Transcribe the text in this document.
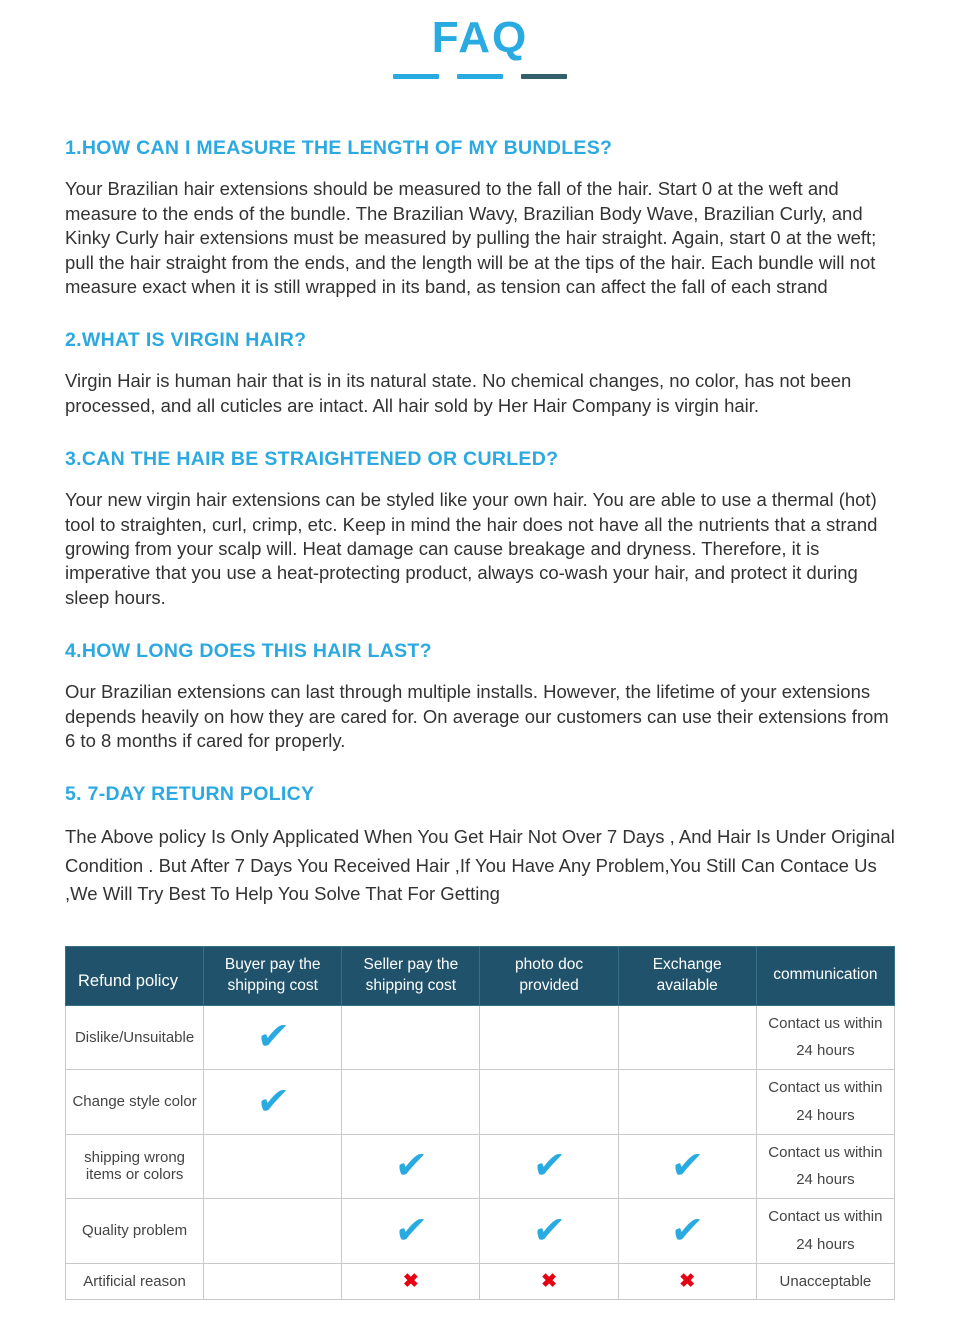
FAQ
1.HOW CAN I MEASURE THE LENGTH OF MY BUNDLES?

Your Brazilian hair extensions should be measured to the fall of the hair. Start 0 at the weft and measure to the ends of the bundle. The Brazilian Wavy, Brazilian Body Wave, Brazilian Curly, and Kinky Curly hair extensions must be measured by pulling the hair straight. Again, start 0 at the weft; pull the hair straight from the ends, and the length will be at the tips of the hair. Each bundle will not measure exact when it is still wrapped in its band, as tension can affect the fall of each strand

2.WHAT IS VIRGIN HAIR?

Virgin Hair is human hair that is in its natural state. No chemical changes, no color, has not been processed, and all cuticles are intact. All hair sold by Her Hair Company is virgin hair.

3.CAN THE HAIR BE STRAIGHTENED OR CURLED?

Your new virgin hair extensions can be styled like your own hair. You are able to use a thermal (hot) tool to straighten, curl, crimp, etc. Keep in mind the hair does not have all the nutrients that a strand growing from your scalp will. Heat damage can cause breakage and dryness. Therefore, it is imperative that you use a heat-protecting product, always co-wash your hair, and protect it during sleep hours.

4.HOW LONG DOES THIS HAIR LAST?

Our Brazilian extensions can last through multiple installs. However, the lifetime of your extensions depends heavily on how they are cared for. On average our customers can use their extensions from 6 to 8 months if cared for properly.

5. 7-DAY RETURN POLICY

The Above policy Is Only Applicated When You Get Hair Not Over 7 Days , And Hair Is Under Original Condition . But After 7 Days You Received Hair ,If You Have Any Problem,You Still Can Contace Us ,We Will Try Best To Help You Solve That For Getting

Refund policy	Buyer pay the shipping cost	Seller pay the shipping cost	photo doc provided	Exchange available	communication
Dislike/Unsuitable	✔				Contact us within 24 hours
Change style color	✔				Contact us within 24 hours
shipping wrong items or colors		✔	✔	✔	Contact us within 24 hours
Quality problem		✔	✔	✔	Contact us within 24 hours
Artificial reason		✖	✖	✖	Unacceptable
